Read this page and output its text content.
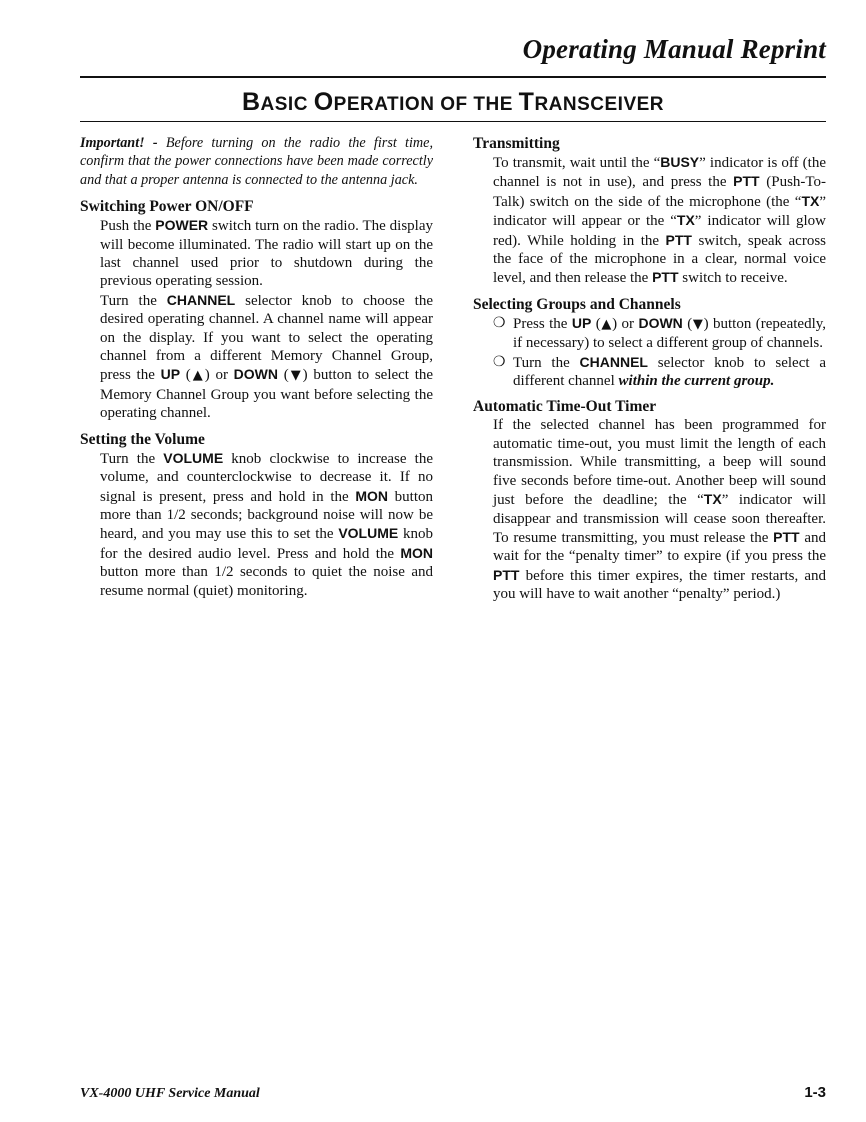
Operating Manual Reprint
BASIC OPERATION OF THE TRANSCEIVER

Important! - Before turning on the radio the first time, confirm that the power connections have been made correctly and that a proper antenna is connected to the antenna jack.

Switching Power ON/OFF

Push the POWER switch turn on the radio. The display will become illuminated. The radio will start up on the last channel used prior to shutdown during the previous operating session.

Turn the CHANNEL selector knob to choose the desired operating channel. A channel name will appear on the display. If you want to select the operating channel from a different Memory Channel Group, press the UP (▲) or DOWN (▼) button to select the Memory Channel Group you want before selecting the operating channel.

Setting the Volume

Turn the VOLUME knob clockwise to increase the volume, and counterclockwise to decrease it. If no signal is present, press and hold in the MON button more than 1/2 seconds; background noise will now be heard, and you may use this to set the VOLUME knob for the desired audio level. Press and hold the MON button more than 1/2 seconds to quiet the noise and resume normal (quiet) monitoring.

Transmitting

To transmit, wait until the “BUSY” indicator is off (the channel is not in use), and press the PTT (Push-To-Talk) switch on the side of the microphone (the “TX” indicator will appear or the “TX” indicator will glow red). While holding in the PTT switch, speak across the face of the microphone in a clear, normal voice level, and then release the PTT switch to receive.

Selecting Groups and Channels
❍ Press the UP (▲) or DOWN (▼) button (repeatedly, if necessary) to select a different group of channels.
❍ Turn the CHANNEL selector knob to select a different channel within the current group.
Automatic Time-Out Timer

If the selected channel has been programmed for automatic time-out, you must limit the length of each transmission. While transmitting, a beep will sound five seconds before time-out. Another beep will sound just before the deadline; the “TX” indicator will disappear and transmission will cease soon thereafter. To resume transmitting, you must release the PTT and wait for the “penalty timer” to expire (if you press the PTT before this timer expires, the timer restarts, and you will have to wait another “penalty” period.)

VX-4000 UHF Service Manual	1-3
